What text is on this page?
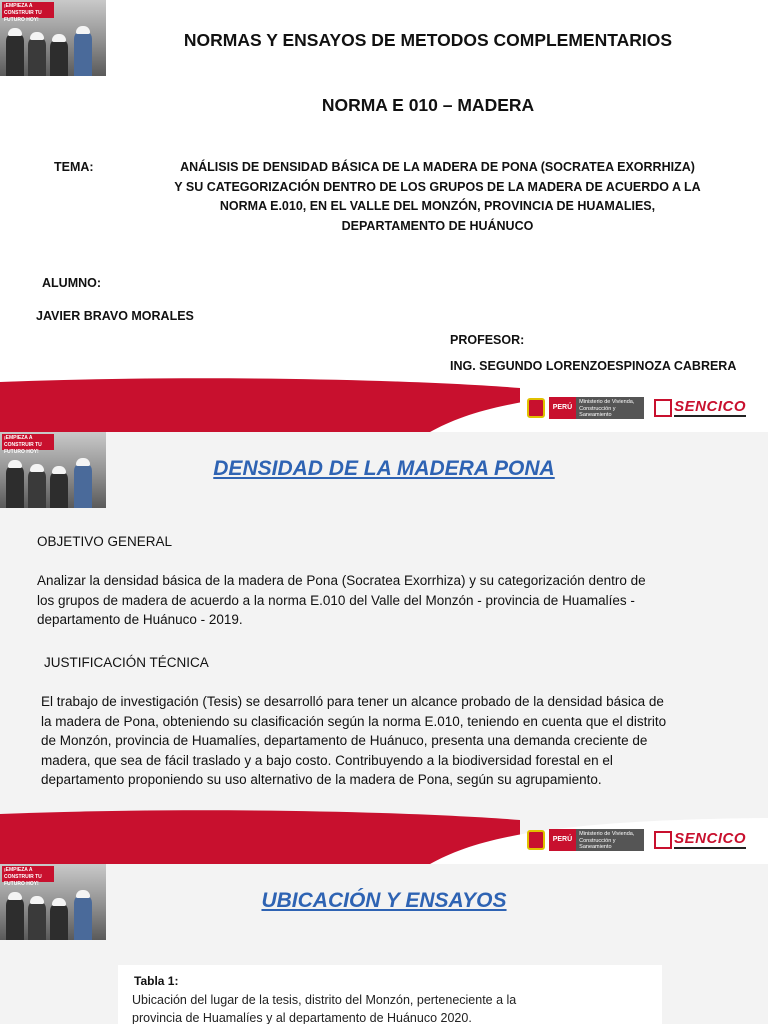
¡EMPIEZA A CONSTRUIR TU FUTURO HOY!
NORMAS Y ENSAYOS DE METODOS COMPLEMENTARIOS
NORMA E 010 – MADERA
TEMA:	ANÁLISIS DE DENSIDAD BÁSICA DE LA MADERA DE PONA (SOCRATEA EXORRHIZA)
Y SU CATEGORIZACIÓN DENTRO DE LOS GRUPOS DE LA MADERA DE ACUERDO A LA
NORMA E.010, EN EL VALLE DEL MONZÓN, PROVINCIA DE HUAMALIES,
DEPARTAMENTO DE HUÁNUCO
ALUMNO:
JAVIER BRAVO MORALES
PROFESOR:
ING. SEGUNDO LORENZOESPINOZA CABRERA
PERÚ
Ministerio de Vivienda, Construcción y Saneamiento	SENCICO
¡EMPIEZA A CONSTRUIR TU FUTURO HOY!
DENSIDAD DE LA MADERA PONA
OBJETIVO GENERAL
Analizar la densidad básica de la madera de Pona (Socratea Exorrhiza) y su categorización dentro de
los grupos de madera de acuerdo a la norma E.010 del Valle del Monzón - provincia de Huamalíes -
departamento de Huánuco - 2019.
JUSTIFICACIÓN TÉCNICA
El trabajo de investigación (Tesis) se desarrolló para tener un alcance probado de la densidad básica de
la madera de Pona, obteniendo su clasificación según la norma E.010, teniendo en cuenta que el distrito
de Monzón, provincia de Huamalíes, departamento de Huánuco, presenta una demanda creciente de
madera, que sea de fácil traslado y a bajo costo. Contribuyendo a la biodiversidad forestal en el
departamento proponiendo su uso alternativo de la madera de Pona, según su agrupamiento.
PERÚ
Ministerio de Vivienda, Construcción y Saneamiento	SENCICO
¡EMPIEZA A CONSTRUIR TU FUTURO HOY!
UBICACIÓN Y ENSAYOS
Tabla 1:
Ubicación del lugar de la tesis, distrito del Monzón, perteneciente a la
provincia de Huamalíes y al departamento de Huánuco 2020.
